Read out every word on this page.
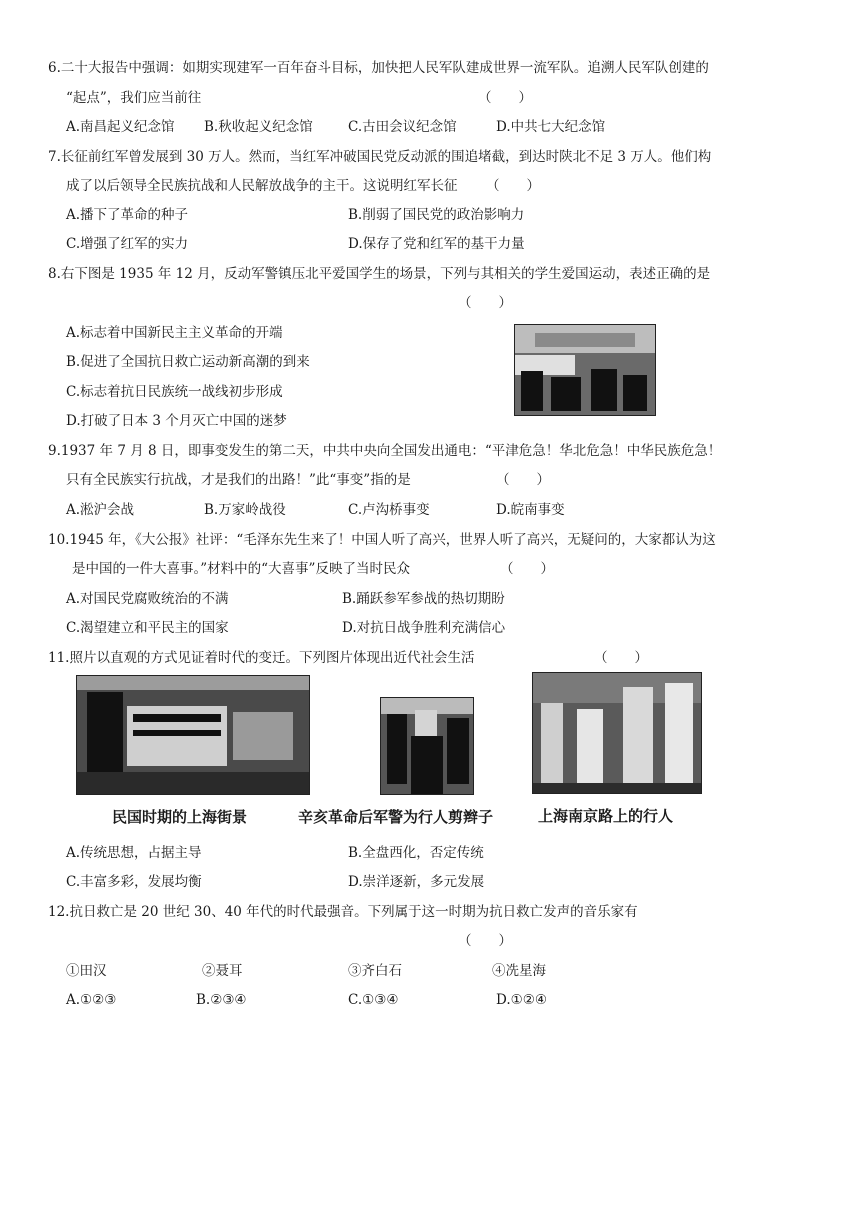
6.二十大报告中强调：如期实现建军一百年奋斗目标，加快把人民军队建成世界一流军队。追溯人民军队创建的
“起点”，我们应当前往	（　　）
A.南昌起义纪念馆 B.秋收起义纪念馆	C.古田会议纪念馆	D.中共七大纪念馆
7.长征前红军曾发展到 30 万人。然而，当红军冲破国民党反动派的围追堵截，到达时陕北不足 3 万人。他们构
成了以后领导全民族抗战和人民解放战争的主干。这说明红军长征 （　　）
A.播下了革命的种子	B.削弱了国民党的政治影响力
C.增强了红军的实力	D.保存了党和红军的基干力量
8.右下图是 1935 年 12 月，反动军警镇压北平爱国学生的场景，下列与其相关的学生爱国运动，表述正确的是
（　　）
A.标志着中国新民主主义革命的开端
B.促进了全国抗日救亡运动新高潮的到来
C.标志着抗日民族统一战线初步形成
D.打破了日本 3 个月灭亡中国的迷梦
9.1937 年 7 月 8 日，即事变发生的第二天，中共中央向全国发出通电：“平津危急！华北危急！中华民族危急！
只有全民族实行抗战，才是我们的出路！”此“事变”指的是	（　　）
A.淞沪会战	B.万家岭战役	C.卢沟桥事变	D.皖南事变
10.1945 年，《大公报》社评：“毛泽东先生来了！中国人听了高兴，世界人听了高兴，无疑问的，大家都认为这
是中国的一件大喜事。”材料中的“大喜事”反映了当时民众	（　　）
A.对国民党腐败统治的不满	B.踊跃参军参战的热切期盼
C.渴望建立和平民主的国家	D.对抗日战争胜利充满信心
11.照片以直观的方式见证着时代的变迁。下列图片体现出近代社会生活	（　　）
民国时期的上海街景	辛亥革命后军警为行人剪辫子	上海南京路上的行人
A.传统思想，占据主导	B.全盘西化，否定传统
C.丰富多彩，发展均衡	D.崇洋逐新，多元发展
12.抗日救亡是 20 世纪 30、40 年代的时代最强音。下列属于这一时期为抗日救亡发声的音乐家有
（　　）
①田汉	②聂耳	③齐白石	④冼星海
A.①②③	B.②③④	C.①③④	D.①②④
